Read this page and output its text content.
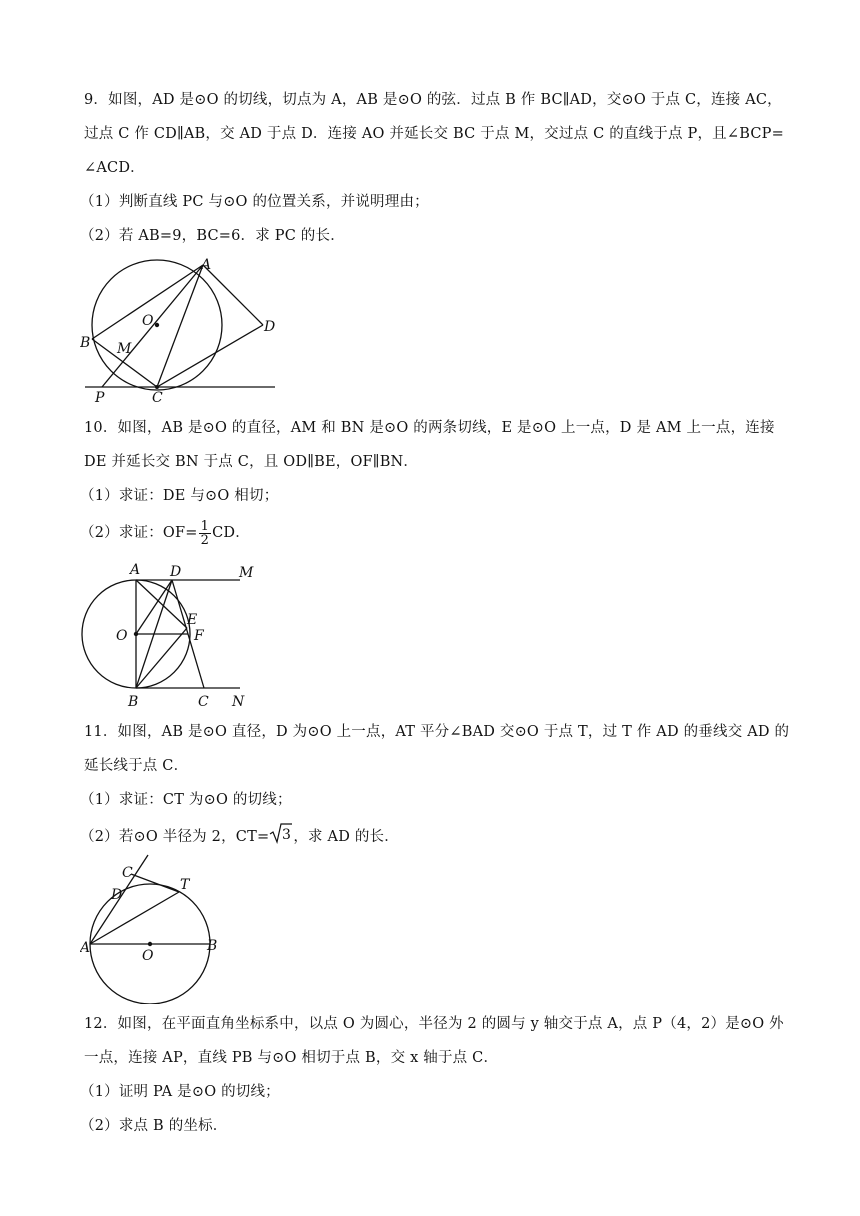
9．如图，AD 是⊙O 的切线，切点为 A，AB 是⊙O 的弦．过点 B 作 BC∥AD，交⊙O 于点 C，连接 AC，
过点 C 作 CD∥AB，交 AD 于点 D．连接 AO 并延长交 BC 于点 M，交过点 C 的直线于点 P，且∠BCP=
∠ACD．
（1）判断直线 PC 与⊙O 的位置关系，并说明理由；
（2）若 AB=9，BC=6．求 PC 的长．
A
O	D
B M
P	C
10．如图，AB 是⊙O 的直径，AM 和 BN 是⊙O 的两条切线，E 是⊙O 上一点，D 是 AM 上一点，连接
DE 并延长交 BN 于点 C，且 OD∥BE，OF∥BN．
（1）求证：DE 与⊙O 相切；
（2）求证：$OF= \frac{1}{2}$ CD．
A D	M
O
E
F
B	C N
11．如图，AB 是⊙O 直径，D 为⊙O 上一点，AT 平分∠BAD 交⊙O 于点 T，过 T 作 AD 的垂线交 AD 的
延长线于点 C．
（1）求证：CT 为⊙O 的切线；
（2）若⊙O 半径为 2，CT= 3 ，求 AD 的长．
C
D
T
A	B
O
12．如图，在平面直角坐标系中，以点 O 为圆心，半径为 2 的圆与 y 轴交于点 A，点 P（4，2）是⊙O 外
一点，连接 AP，直线 PB 与⊙O 相切于点 B，交 x 轴于点 C．
（1）证明 PA 是⊙O 的切线；
（2）求点 B 的坐标．
